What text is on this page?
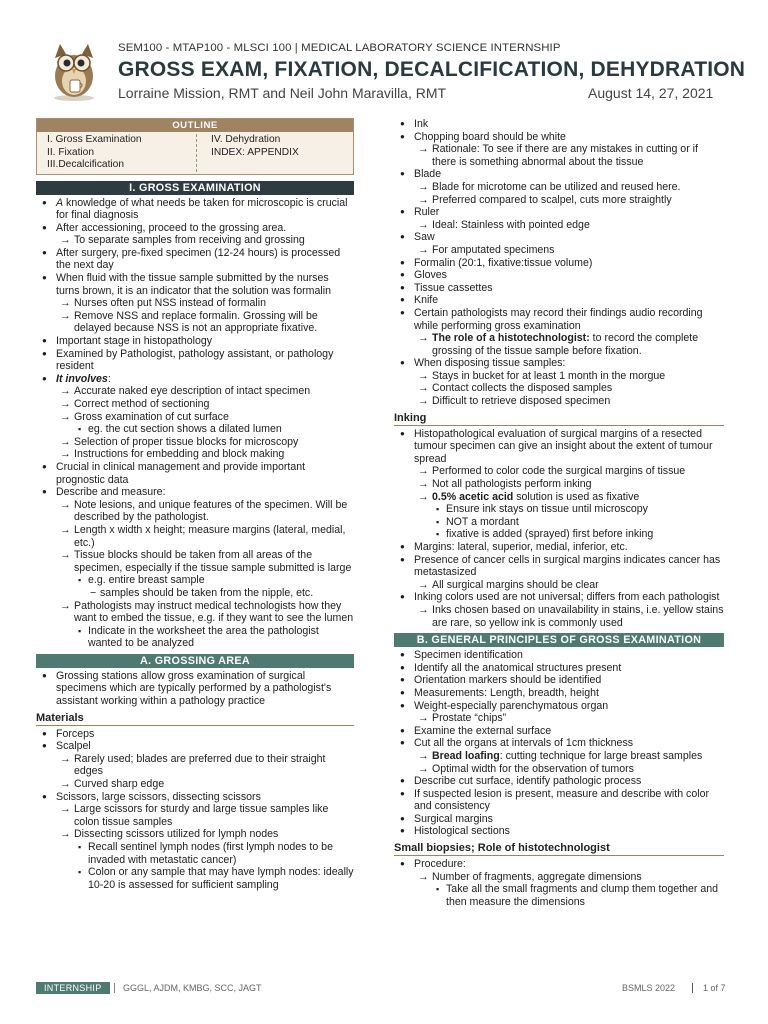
SEM100 - MTAP100 - MLSCI 100 | MEDICAL LABORATORY SCIENCE INTERNSHIP
GROSS EXAM, FIXATION, DECALCIFICATION, DEHYDRATION
Lorraine Mission, RMT and Neil John Maravilla, RMT	August 14, 27, 2021
OUTLINE
I. Gross Examination
II. Fixation
III.Decalcification
IV. Dehydration
INDEX: APPENDIX
I. GROSS EXAMINATION
● A knowledge of what needs be taken for microscopic is crucial for final diagnosis
● After accessioning, proceed to the grossing area.
→ To separate samples from receiving and grossing
● After surgery, pre-fixed specimen (12-24 hours) is processed the next day
● When fluid with the tissue sample submitted by the nurses turns brown, it is an indicator that the solution was formalin
→ Nurses often put NSS instead of formalin
→ Remove NSS and replace formalin. Grossing will be delayed because NSS is not an appropriate fixative.
● Important stage in histopathology
● Examined by Pathologist, pathology assistant, or pathology resident
● It involves:
→ Accurate naked eye description of intact specimen
→ Correct method of sectioning
→ Gross examination of cut surface
▪ eg. the cut section shows a dilated lumen
→ Selection of proper tissue blocks for microscopy
→ Instructions for embedding and block making
● Crucial in clinical management and provide important prognostic data
● Describe and measure:
→ Note lesions, and unique features of the specimen. Will be described by the pathologist.
→ Length x width x height; measure margins (lateral, medial, etc.)
→ Tissue blocks should be taken from all areas of the specimen, especially if the tissue sample submitted is large
▪ e.g. entire breast sample
− samples should be taken from the nipple, etc.
→ Pathologists may instruct medical technologists how they want to embed the tissue, e.g. if they want to see the lumen
▪ Indicate in the worksheet the area the pathologist wanted to be analyzed
A. GROSSING AREA
● Grossing stations allow gross examination of surgical specimens which are typically performed by a pathologist's assistant working within a pathology practice
Materials
● Forceps
● Scalpel
→ Rarely used; blades are preferred due to their straight edges
→ Curved sharp edge
● Scissors, large scissors, dissecting scissors
→ Large scissors for sturdy and large tissue samples like colon tissue samples
→ Dissecting scissors utilized for lymph nodes
▪ Recall sentinel lymph nodes (first lymph nodes to be invaded with metastatic cancer)
▪ Colon or any sample that may have lymph nodes: ideally 10-20 is assessed for sufficient sampling
● Ink
● Chopping board should be white
→ Rationale: To see if there are any mistakes in cutting or if there is something abnormal about the tissue
● Blade
→ Blade for microtome can be utilized and reused here.
→ Preferred compared to scalpel, cuts more straightly
● Ruler
→ Ideal: Stainless with pointed edge
● Saw
→ For amputated specimens
● Formalin (20:1, fixative:tissue volume)
● Gloves
● Tissue cassettes
● Knife
● Certain pathologists may record their findings audio recording while performing gross examination
→ The role of a histotechnologist: to record the complete grossing of the tissue sample before fixation.
● When disposing tissue samples:
→ Stays in bucket for at least 1 month in the morgue
→ Contact collects the disposed samples
→ Difficult to retrieve disposed specimen
Inking
● Histopathological evaluation of surgical margins of a resected tumour specimen can give an insight about the extent of tumour spread
→ Performed to color code the surgical margins of tissue
→ Not all pathologists perform inking
→ 0.5% acetic acid solution is used as fixative
▪ Ensure ink stays on tissue until microscopy
▪ NOT a mordant
▪ fixative is added (sprayed) first before inking
● Margins: lateral, superior, medial, inferior, etc.
● Presence of cancer cells in surgical margins indicates cancer has metastasized
→ All surgical margins should be clear
● Inking colors used are not universal; differs from each pathologist
→ Inks chosen based on unavailability in stains, i.e. yellow stains are rare, so yellow ink is commonly used
B. GENERAL PRINCIPLES OF GROSS EXAMINATION
● Specimen identification
● Identify all the anatomical structures present
● Orientation markers should be identified
● Measurements: Length, breadth, height
● Weight-especially parenchymatous organ
→ Prostate “chips”
● Examine the external surface
● Cut all the organs at intervals of 1cm thickness
→ Bread loafing: cutting technique for large breast samples
→ Optimal width for the observation of tumors
● Describe cut surface, identify pathologic process
● If suspected lesion is present, measure and describe with color and consistency
● Surgical margins
● Histological sections
Small biopsies; Role of histotechnologist
● Procedure:
→ Number of fragments, aggregate dimensions
▪ Take all the small fragments and clump them together and then measure the dimensions
INTERNSHIP	GGGL, AJDM, KMBG, SCC, JAGT	BSMLS 2022	1 of 7
